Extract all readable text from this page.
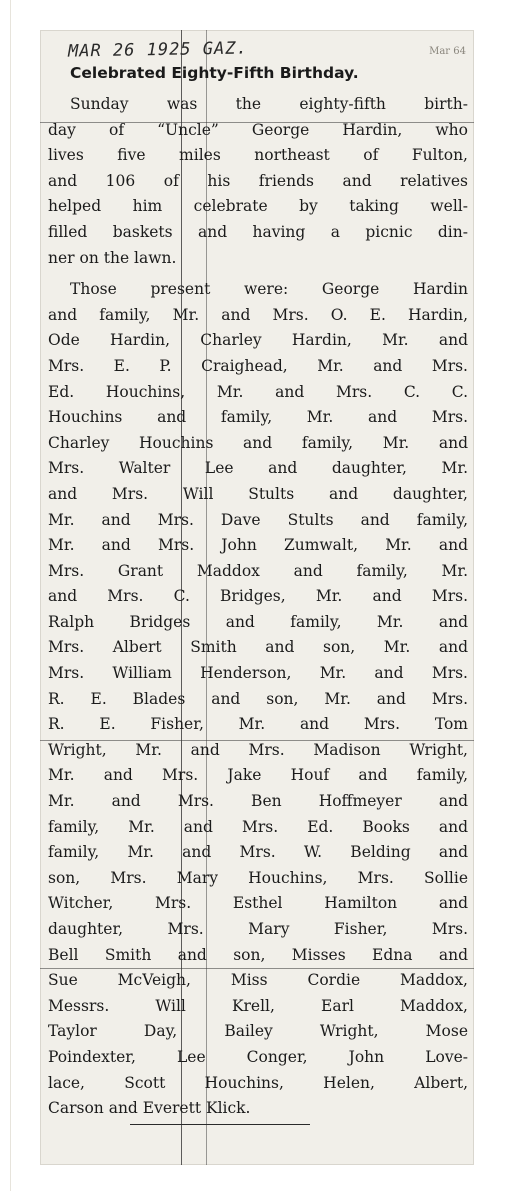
MAR 26 1925 GAZ.	Mar 64
Celebrated Eighty-Fifth Birthday.
Sunday was the eighty-fifth birth-
day of “Uncle” George Hardin, who
lives five miles northeast of Fulton,
and 106 of his friends and relatives
helped him celebrate by taking well-
filled baskets and having a picnic din-
ner on the lawn.
Those present were: George Hardin
and family, Mr. and Mrs. O. E. Hardin,
Ode Hardin, Charley Hardin, Mr. and
Mrs. E. P. Craighead, Mr. and Mrs.
Ed. Houchins, Mr. and Mrs. C. C.
Houchins and family, Mr. and Mrs.
Charley Houchins and family, Mr. and
Mrs. Walter Lee and daughter, Mr.
and Mrs. Will Stults and daughter,
Mr. and Mrs. Dave Stults and family,
Mr. and Mrs. John Zumwalt, Mr. and
Mrs. Grant Maddox and family, Mr.
and Mrs. C. Bridges, Mr. and Mrs.
Ralph Bridges and family, Mr. and
Mrs. Albert Smith and son, Mr. and
Mrs. William Henderson, Mr. and Mrs.
R. E. Blades and son, Mr. and Mrs.
R. E. Fisher, Mr. and Mrs. Tom
Wright, Mr. and Mrs. Madison Wright,
Mr. and Mrs. Jake Houf and family,
Mr. and Mrs. Ben Hoffmeyer and
family, Mr. and Mrs. Ed. Books and
family, Mr. and Mrs. W. Belding and
son, Mrs. Mary Houchins, Mrs. Sollie
Witcher, Mrs. Esthel Hamilton and
daughter, Mrs. Mary Fisher, Mrs.
Bell Smith and son, Misses Edna and
Sue McVeigh, Miss Cordie Maddox,
Messrs. Will Krell, Earl Maddox,
Taylor Day, Bailey Wright, Mose
Poindexter, Lee Conger, John Love-
lace, Scott Houchins, Helen, Albert,
Carson and Everett Klick.
